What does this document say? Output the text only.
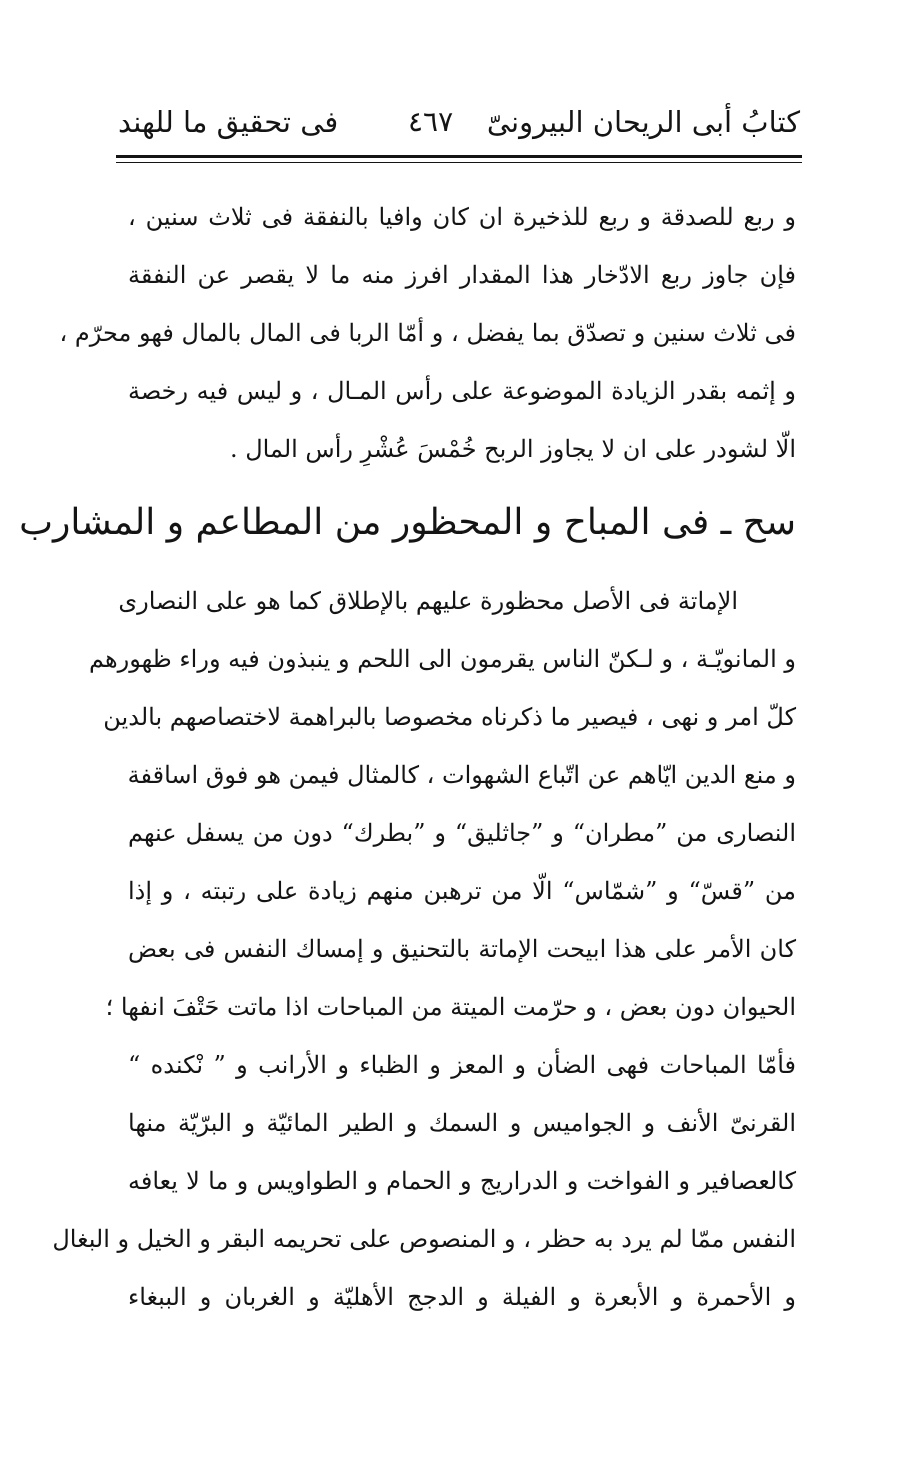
كتابُ أبى الريحان البيرونىّ
٤٦٧
فى تحقيق ما للهند
و ربع للصدقة و ربع للذخيرة ان كان وافيا بالنفقة فى ثلاث سنين ،
فإن جاوز ربع الادّخار هذا المقدار افرز منه ما لا يقصر عن النفقة
فى ثلاث سنين و تصدّق بما يفضل ، و أمّا الربا فى المال بالمال فهو محرّم ،
و إثمه بقدر الزيادة الموضوعة على رأس المـال ، و ليس فيه رخصة
الّا لشودر على ان لا يجاوز الربح خُمْسَ عُشْرِ رأس المال .
سح ـ فى المباح و المحظور من المطاعم و المشارب
الإماتة فى الأصل محظورة عليهم بالإطلاق كما هو على النصارى
و المانويّـة ، و لـكنّ الناس يقرمون الى اللحم و ينبذون فيه وراء ظهورهم
كلّ امر و نهى ، فيصير ما ذكرناه مخصوصا بالبراهمة لاختصاصهم بالدين
و منع الدين ايّاهم عن اتّباع الشهوات ، كالمثال فيمن هو فوق اساقفة
النصارى من ”مطران“ و ”جاثليق“ و ”بطرك“ دون من يسفل عنهم
من ”قسّ“ و ”شمّاس“ الّا من ترهبن منهم زيادة على رتبته ، و إذا
كان الأمر على هذا ابيحت الإماتة بالتحنيق و إمساك النفس فى بعض
الحيوان دون بعض ، و حرّمت الميتة من المباحات اذا ماتت حَتْفَ انفها ؛
فأمّا المباحات فهى الضأن و المعز و الظباء و الأرانب و ” نْكنده “
القرنىّ الأنف و الجواميس و السمك و الطير المائيّة و البرّيّة منها
كالعصافير و الفواخت و الدراريج و الحمام و الطواويس و ما لا يعافه
النفس ممّا لم يرد به حظر ، و المنصوص على تحريمه البقر و الخيل و البغال
و الأحمرة و الأبعرة و الفيلة و الدجج الأهليّة و الغربان و الببغاء
